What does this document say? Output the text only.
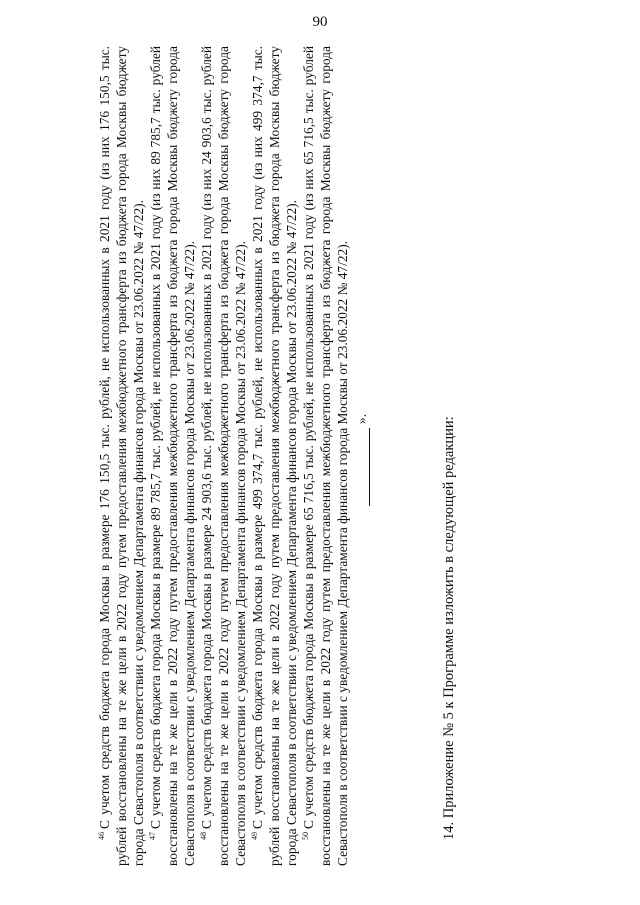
90

$^{46}$С учетом средств бюджета города Москвы в размере 176 150,5 тыс. рублей, не использованных в 2021 году (из них 176 150,5 тыс. рублей восстановлены на те же цели в 2022 году путем предоставления межбюджетного трансферта из бюджета города Москвы бюджету города Севастополя в соответствии с уведомлением Департамента финансов города Москвы от 23.06.2022 № 47/22). $^{47}$С учетом средств бюджета города Москвы в размере 89 785,7 тыс. рублей, не использованных в 2021 году (из них 89 785,7 тыс. рублей восстановлены на те же цели в 2022 году путем предоставления межбюджетного трансферта из бюджета города Москвы бюджету города Севастополя в соответствии с уведомлением Департамента финансов города Москвы от 23.06.2022 № 47/22). $^{48}$С учетом средств бюджета города Москвы в размере 24 903,6 тыс. рублей, не использованных в 2021 году (из них 24 903,6 тыс. рублей восстановлены на те же цели в 2022 году путем предоставления межбюджетного трансферта из бюджета города Москвы бюджету города Севастополя в соответствии с уведомлением Департамента финансов города Москвы от 23.06.2022 № 47/22). $^{49}$С учетом средств бюджета города Москвы в размере 499 374,7 тыс. рублей, не использованных в 2021 году (из них 499 374,7 тыс. рублей восстановлены на те же цели в 2022 году путем предоставления межбюджетного трансферта из бюджета города Москвы бюджету города Севастополя в соответствии с уведомлением Департамента финансов города Москвы от 23.06.2022 № 47/22). $^{50}$С учетом средств бюджета города Москвы в размере 65 716,5 тыс. рублей, не использованных в 2021 году (из них 65 716,5 тыс. рублей восстановлены на те же цели в 2022 году путем предоставления межбюджетного трансферта из бюджета города Москвы бюджету города Севастополя в соответствии с уведомлением Департамента финансов города Москвы от 23.06.2022 № 47/22). ».	14. Приложение № 5 к Программе изложить в следующей редакции:
